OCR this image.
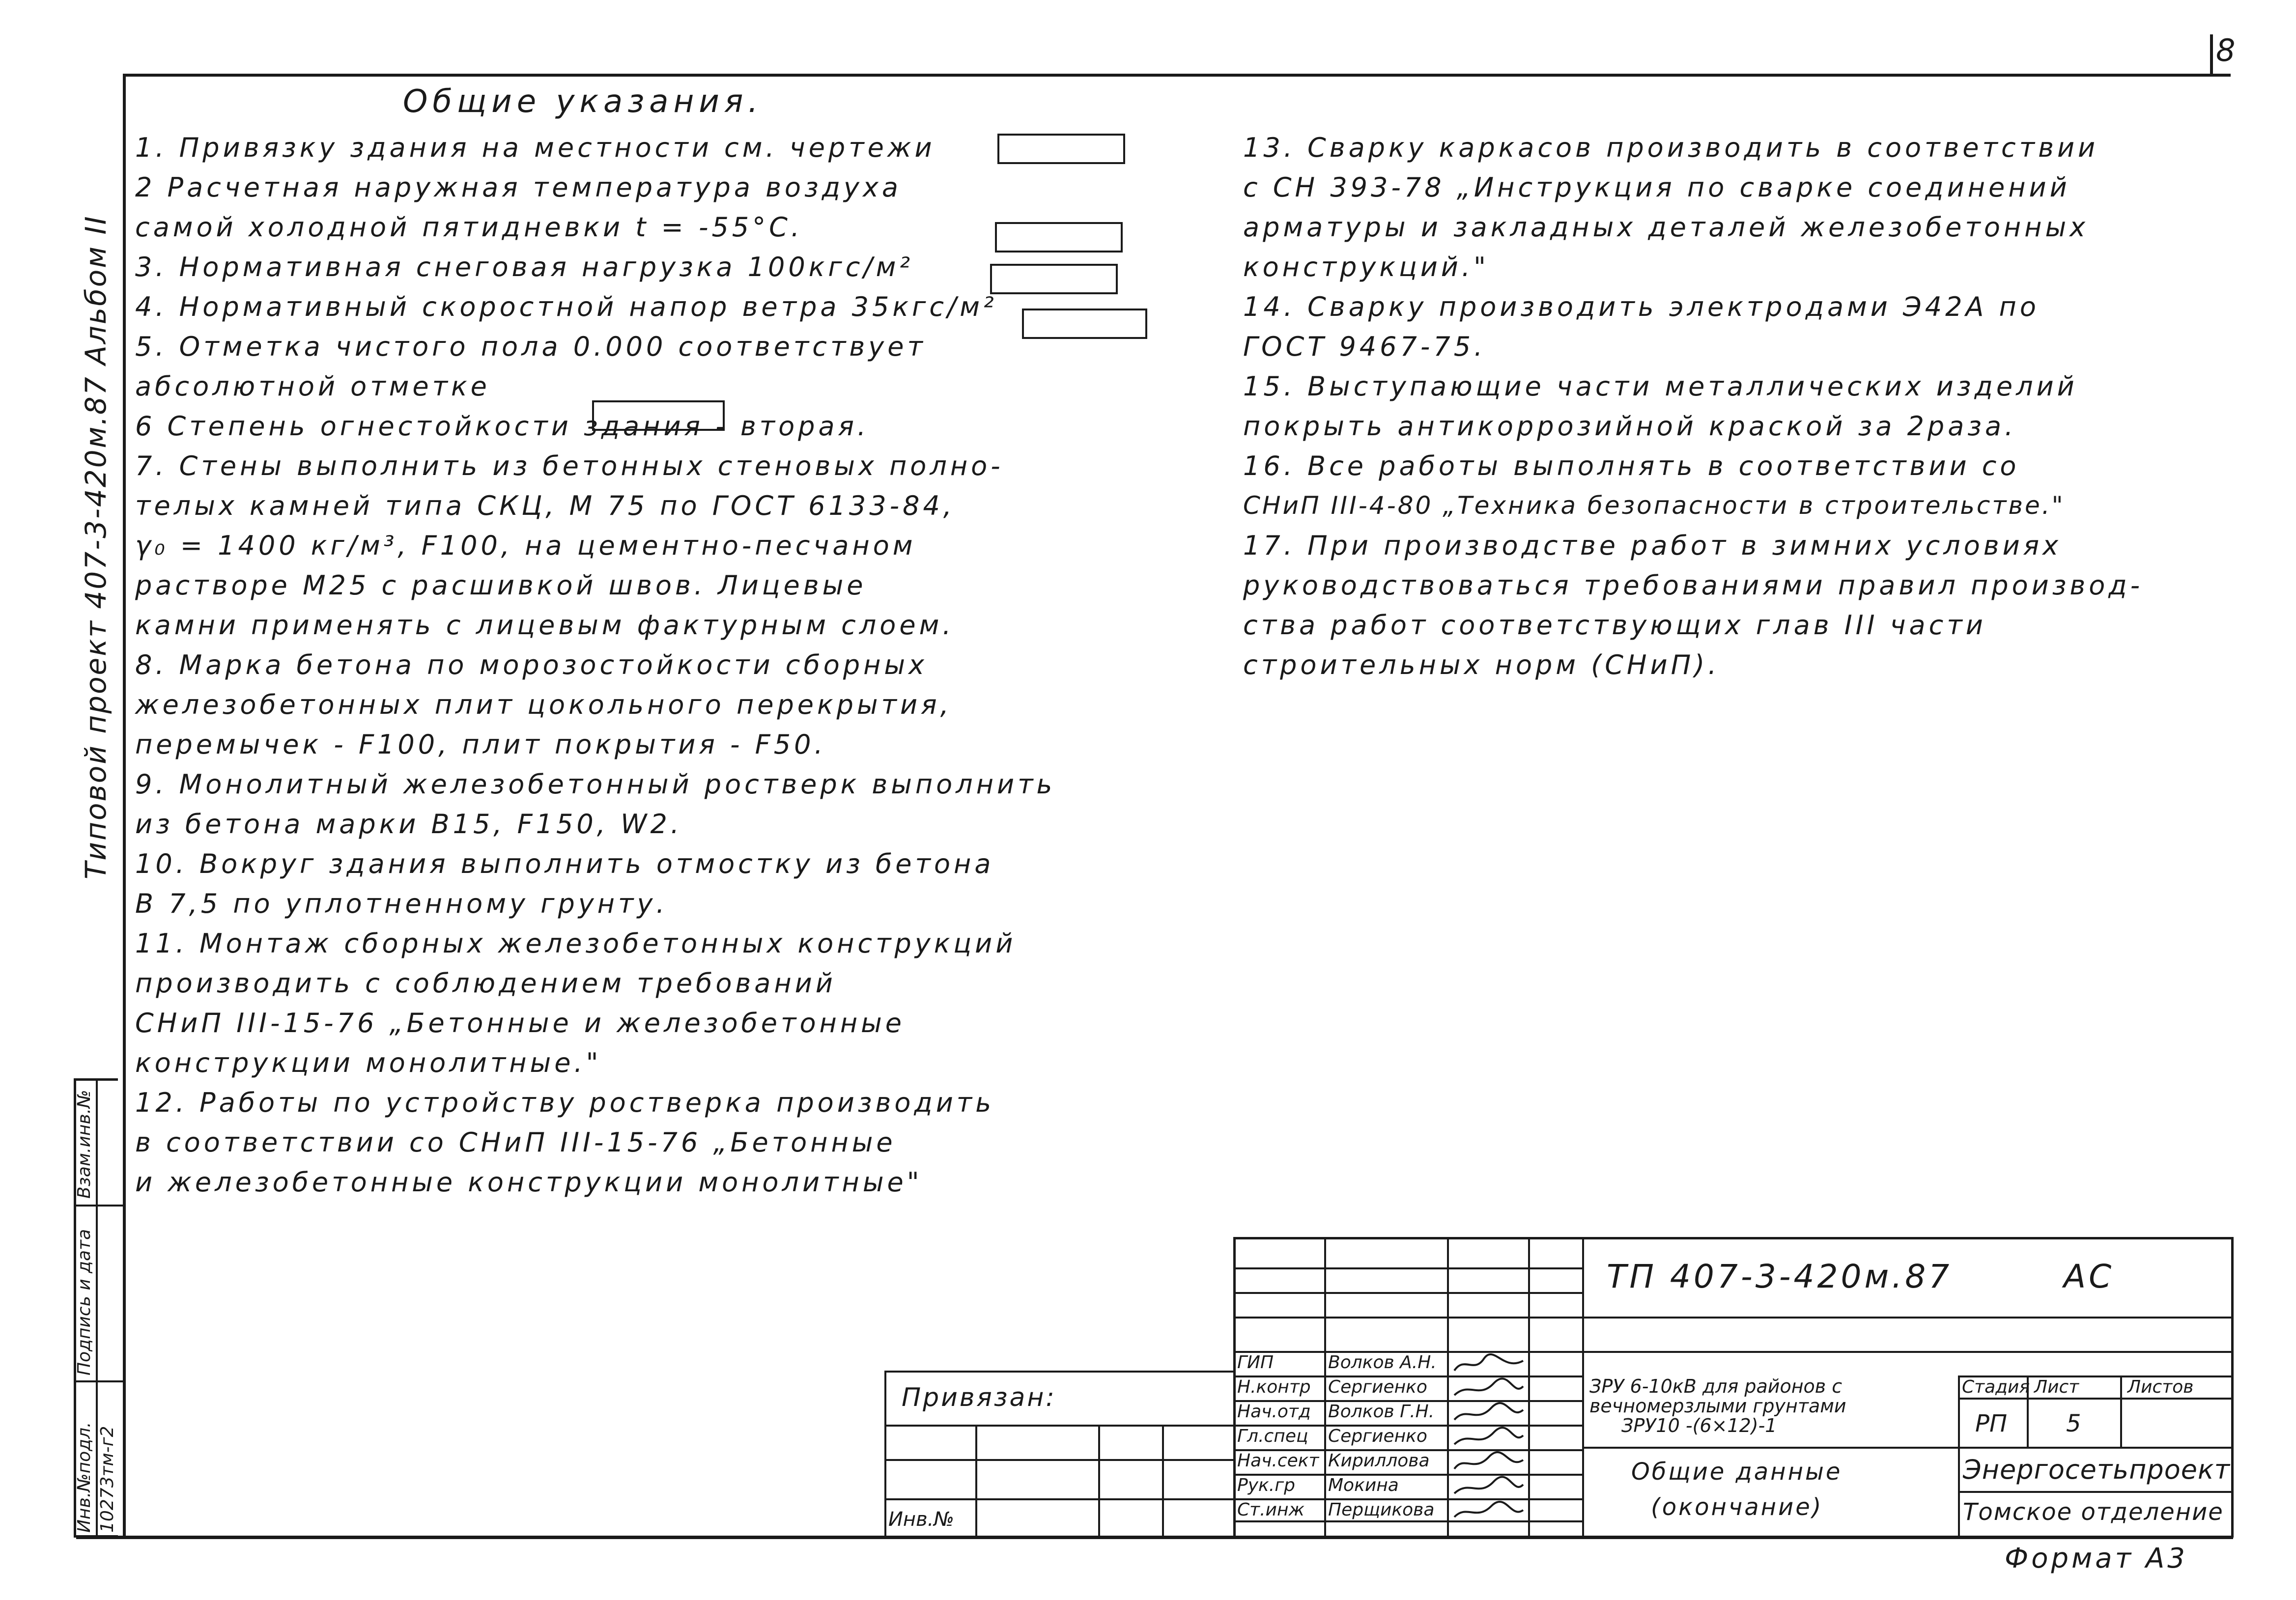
8
Типовой проект 407-3-420м.87 Альбом II
Взам.инв.№
Подпись и дата
Инв.№подл. 10273тм-г2
Общие указания.
1. Привязку здания на местности см. чертежи
2 Расчетная наружная температура воздуха
самой холодной пятидневки t = -55°C.
3. Нормативная снеговая нагрузка 100кгс/м²
4. Нормативный скоростной напор ветра 35кгс/м²
5. Отметка чистого пола 0.000 соответствует
абсолютной отметке
6 Степень огнестойкости здания - вторая.
7. Стены выполнить из бетонных стеновых полно-
телых камней типа СКЦ, М 75 по ГОСТ 6133-84,
γ₀ = 1400 кг/м³, F100, на цементно-песчаном
растворе М25 с расшивкой швов. Лицевые
камни применять с лицевым фактурным слоем.
8. Марка бетона по морозостойкости сборных
железобетонных плит цокольного перекрытия,
перемычек - F100, плит покрытия - F50.
9. Монолитный железобетонный ростверк выполнить
из бетона марки В15, F150, W2.
10. Вокруг здания выполнить отмостку из бетона
В 7,5 по уплотненному грунту.
11. Монтаж сборных железобетонных конструкций
производить с соблюдением требований
СНиП III-15-76 „Бетонные и железобетонные
конструкции монолитные."
12. Работы по устройству ростверка производить
в соответствии со СНиП III-15-76 „Бетонные
и железобетонные конструкции монолитные"
13. Сварку каркасов производить в соответствии
с СН 393-78 „Инструкция по сварке соединений
арматуры и закладных деталей железобетонных
конструкций."
14. Сварку производить электродами Э42А по
ГОСТ 9467-75.
15. Выступающие части металлических изделий
покрыть антикоррозийной краской за 2раза.
16. Все работы выполнять в соответствии со
СНиП III-4-80 „Техника безопасности в строительстве."
17. При производстве работ в зимних условиях
руководствоваться требованиями правил производ-
ства работ соответствующих глав III части
строительных норм (СНиП).
Привязан:
Инв.№
ТП 407-3-420м.87	АС
ГИП
Н.контр
Нач.отд
Гл.спец
Нач.сект
Рук.гр
Ст.инж
Волков А.Н.
Сергиенко
Волков Г.Н.
Сергиенко
Кириллова
Мокина
Перщикова
ЗРУ 6-10кВ для районов с
вечномерзлыми грунтами
ЗРУ10 -(6×12)-1
Общие данные
(окончание)
Стадия Лист	Листов
РП 5
Энергосетьпроект
Томское отделение
Формат А3
